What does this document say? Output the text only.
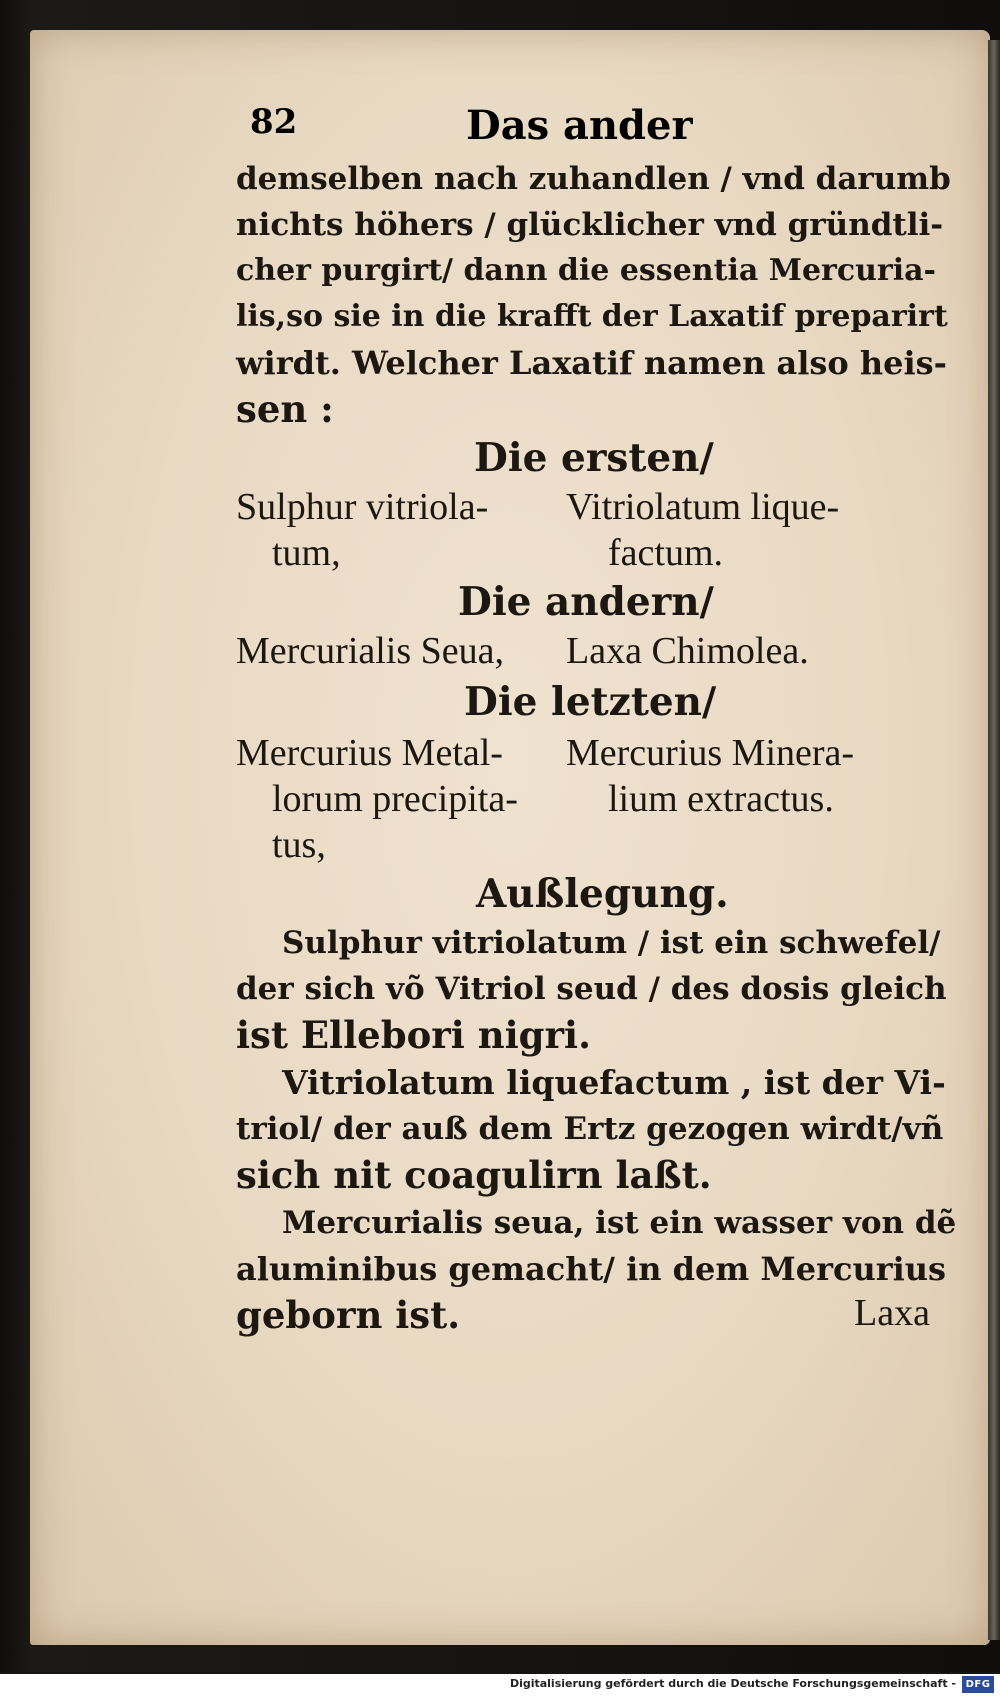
82	Das ander
demselben nach zuhandlen / vnd darumb
nichts höhers / glücklicher vnd gründtli-
cher purgirt/ dann die essentia Mercuria-
lis,so sie in die krafft der Laxatif preparirt
wirdt. Welcher Laxatif namen also heis-
sen :
Die ersten/
Sulphur vitriola-
tum,
Vitriolatum lique-
factum.
Die andern/
Mercurialis Seua, Laxa Chimolea.
Die letzten/
Mercurius Metal-
lorum precipita-
tus,
Mercurius Minera-
lium extractus.
Außlegung.
Sulphur vitriolatum / ist ein schwefel/
der sich võ Vitriol seud / des dosis gleich
ist Ellebori nigri.
Vitriolatum liquefactum , ist der Vi-
triol/ der auß dem Ertz gezogen wirdt/vñ
sich nit coagulirn laßt.
Mercurialis seua, ist ein wasser von dẽ
aluminibus gemacht/ in dem Mercurius
geborn ist.	Laxa
Digitalisierung gefördert durch die Deutsche Forschungsgemeinschaft - DFG
